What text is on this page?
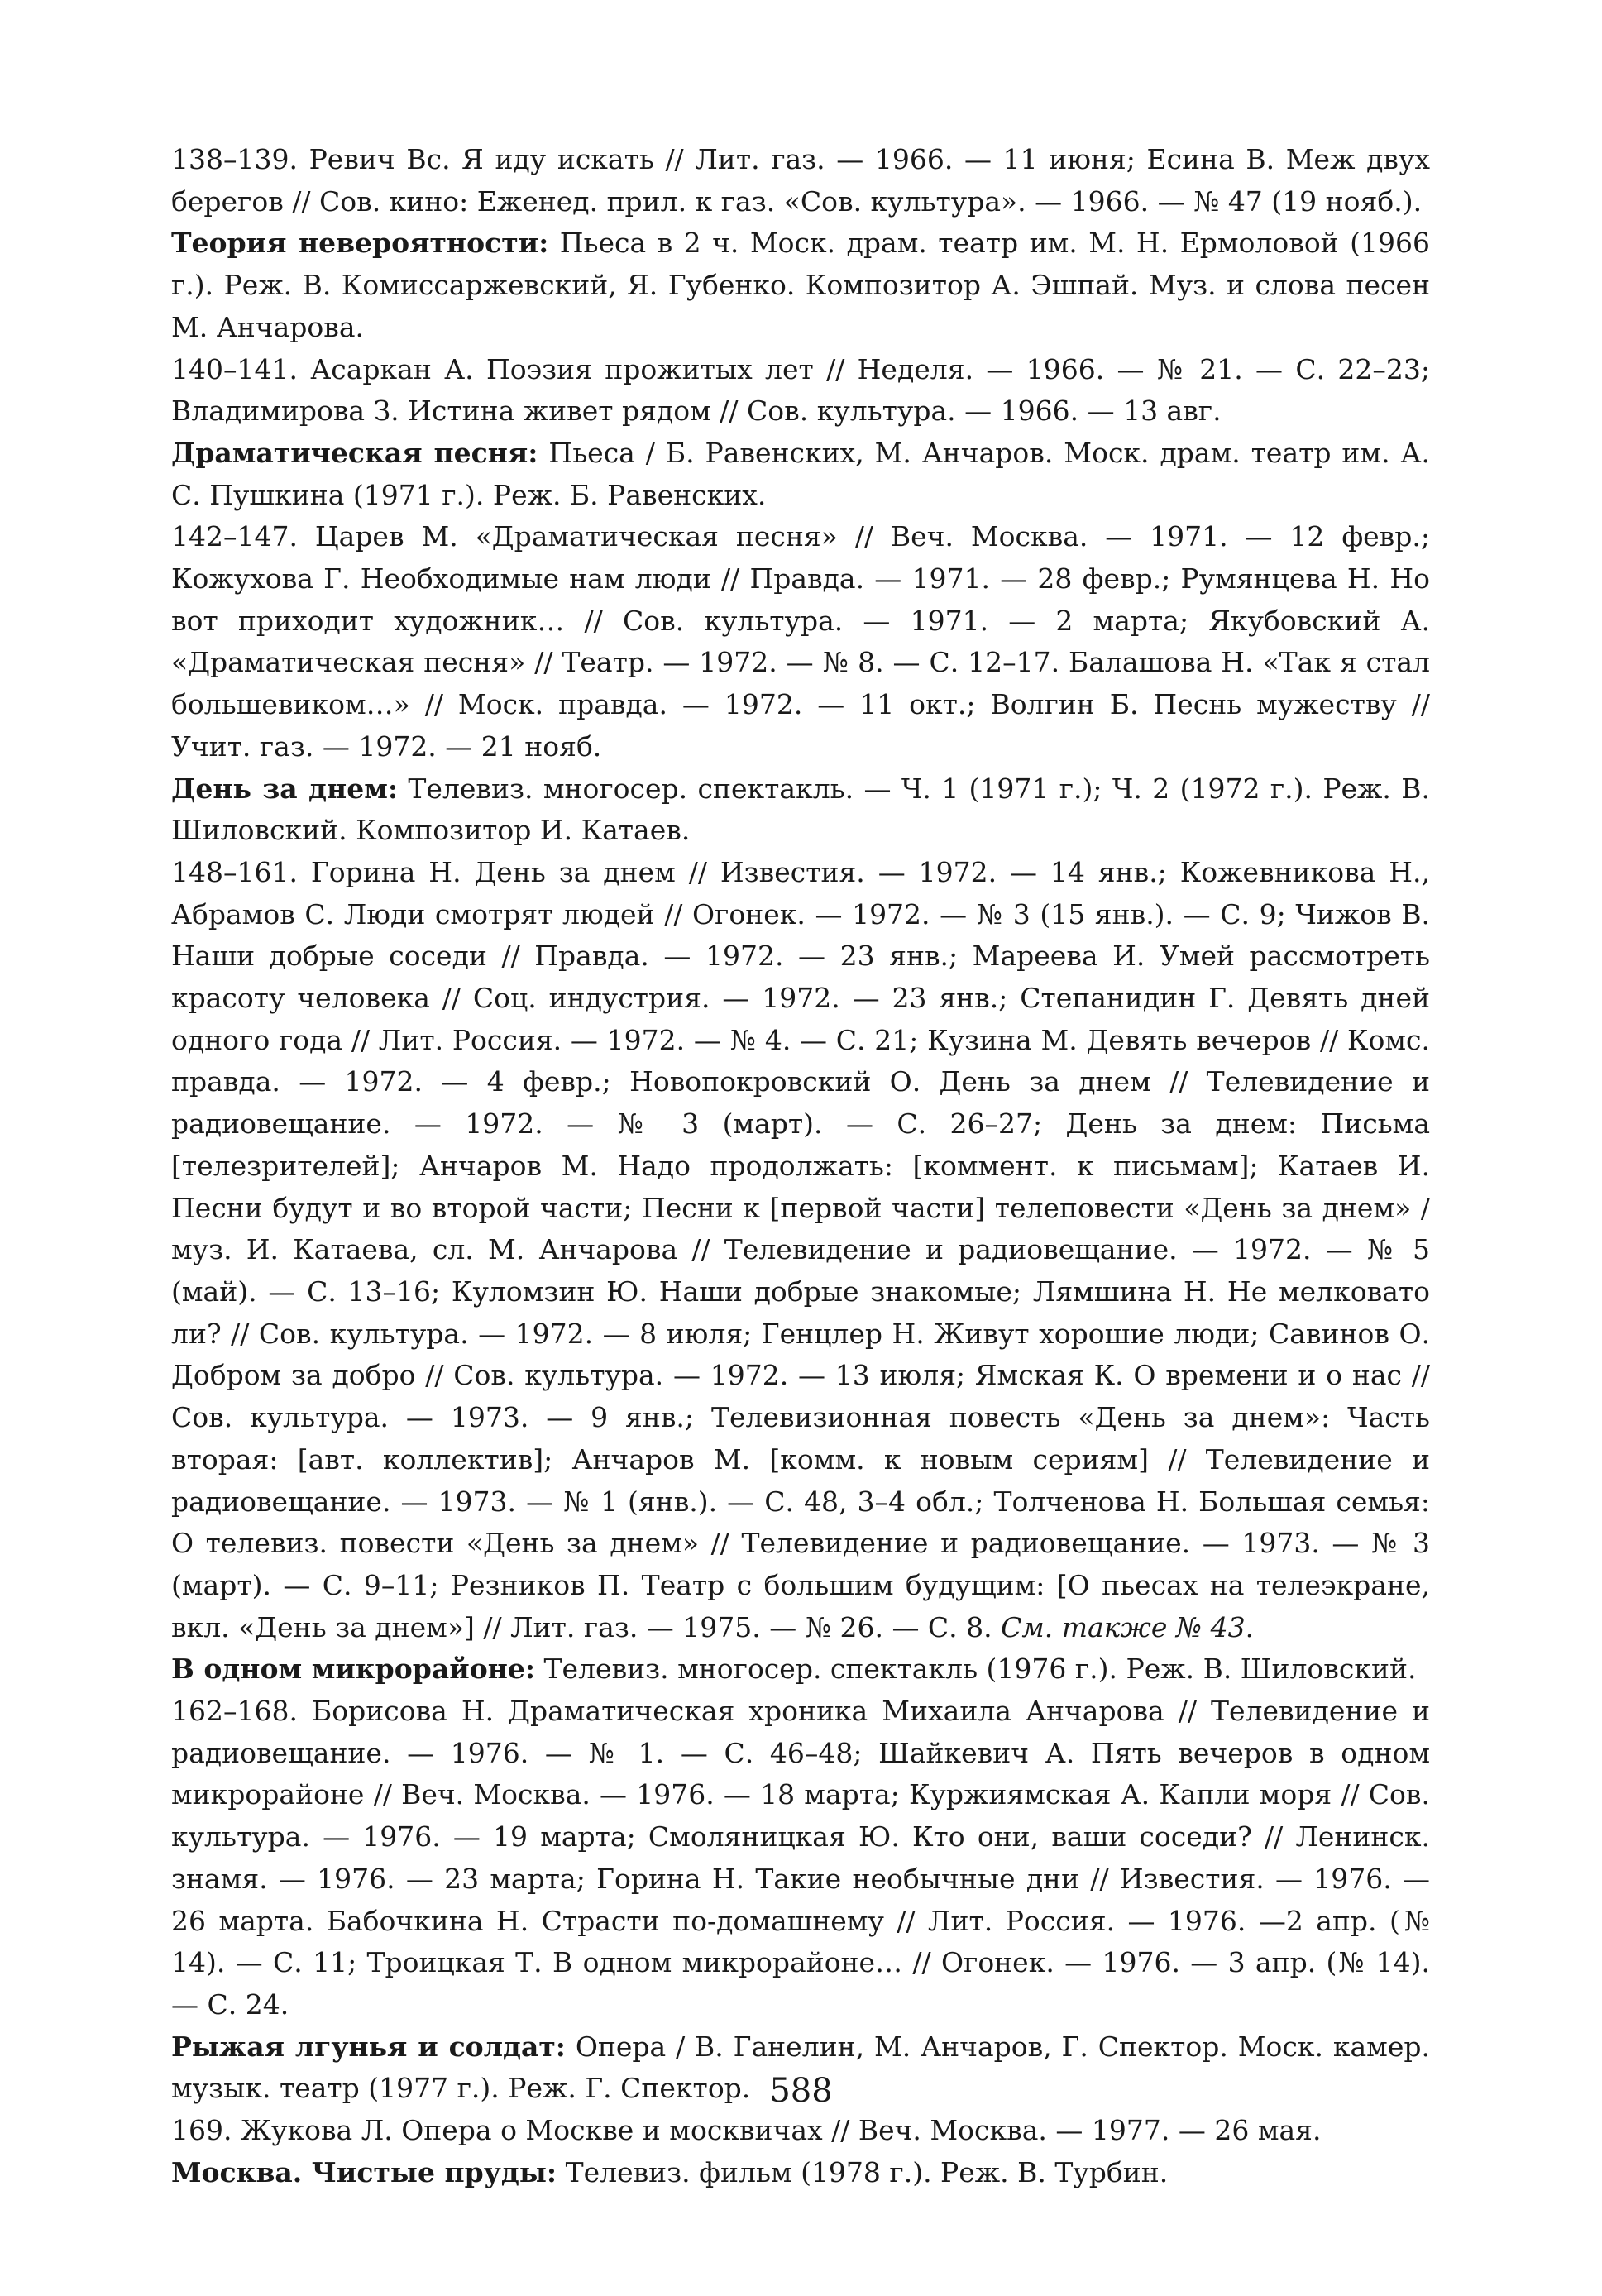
138–139. Ревич Вс. Я иду искать // Лит. газ. — 1966. — 11 июня; Есина В. Меж двух берегов // Сов. кино: Еженед. прил. к газ. «Сов. культура». — 1966. — № 47 (19 нояб.).

Теория невероятности: Пьеса в 2 ч. Моск. драм. театр им. М. Н. Ермоловой (1966 г.). Реж. В. Комиссаржевский, Я. Губенко. Композитор А. Эшпай. Муз. и слова песен М. Анчарова.

140–141. Асаркан А. Поэзия прожитых лет // Неделя. — 1966. — № 21. — С. 22–23; Владимирова З. Истина живет рядом // Сов. культура. — 1966. — 13 авг.

Драматическая песня: Пьеса / Б. Равенских, М. Анчаров. Моск. драм. театр им. А. С. Пушкина (1971 г.). Реж. Б. Равенских.

142–147. Царев М. «Драматическая песня» // Веч. Москва. — 1971. — 12 февр.; Кожухова Г. Необходимые нам люди // Правда. — 1971. — 28 февр.; Румянцева Н. Но вот приходит художник… // Сов. культура. — 1971. — 2 марта; Якубовский А. «Драматическая песня» // Театр. — 1972. — № 8. — С. 12–17. Балашова Н. «Так я стал большевиком…» // Моск. правда. — 1972. — 11 окт.; Волгин Б. Песнь мужеству // Учит. газ. — 1972. — 21 нояб.

День за днем: Телевиз. многосер. спектакль. — Ч. 1 (1971 г.); Ч. 2 (1972 г.). Реж. В. Шиловский. Композитор И. Катаев.

148–161. Горина Н. День за днем // Известия. — 1972. — 14 янв.; Кожевникова Н., Абрамов С. Люди смотрят людей // Огонек. — 1972. — № 3 (15 янв.). — С. 9; Чижов В. Наши добрые соседи // Правда. — 1972. — 23 янв.; Мареева И. Умей рассмотреть красоту человека // Соц. индустрия. — 1972. — 23 янв.; Степанидин Г. Девять дней одного года // Лит. Россия. — 1972. — № 4. — С. 21; Кузина М. Девять вечеров // Комс. правда. — 1972. — 4 февр.; Новопокровский О. День за днем // Телевидение и радиовещание. — 1972. — № 3 (март). — С. 26–27; День за днем: Письма [телезрителей]; Анчаров М. Надо продолжать: [коммент. к письмам]; Катаев И. Песни будут и во второй части; Песни к [первой части] телеповести «День за днем» / муз. И. Катаева, сл. М. Анчарова // Телевидение и радиовещание. — 1972. — № 5 (май). — С. 13–16; Куломзин Ю. Наши добрые знакомые; Лямшина Н. Не мелковато ли? // Сов. культура. — 1972. — 8 июля; Генцлер Н. Живут хорошие люди; Савинов О. Добром за добро // Сов. культура. — 1972. — 13 июля; Ямская К. О времени и о нас // Сов. культура. — 1973. — 9 янв.; Телевизионная повесть «День за днем»: Часть вторая: [авт. коллектив]; Анчаров М. [комм. к новым сериям] // Телевидение и радиовещание. — 1973. — № 1 (янв.). — С. 48, 3–4 обл.; Толченова Н. Большая семья: О телевиз. повести «День за днем» // Телевидение и радиовещание. — 1973. — № 3 (март). — С. 9–11; Резников П. Театр с большим будущим: [О пьесах на телеэкране, вкл. «День за днем»] // Лит. газ. — 1975. — № 26. — С. 8. См. также № 43.

В одном микрорайоне: Телевиз. многосер. спектакль (1976 г.). Реж. В. Шиловский.

162–168. Борисова Н. Драматическая хроника Михаила Анчарова // Телевидение и радиовещание. — 1976. — № 1. — С. 46–48; Шайкевич А. Пять вечеров в одном микрорайоне // Веч. Москва. — 1976. — 18 марта; Куржиямская А. Капли моря // Сов. культура. — 1976. — 19 марта; Смоляницкая Ю. Кто они, ваши соседи? // Ленинск. знамя. — 1976. — 23 марта; Горина Н. Такие необычные дни // Известия. — 1976. — 26 марта. Бабочкина Н. Страсти по-домашнему // Лит. Россия. — 1976. —2 апр. (№ 14). — С. 11; Троицкая Т. В одном микрорайоне… // Огонек. — 1976. — 3 апр. (№ 14). — С. 24.

Рыжая лгунья и солдат: Опера / В. Ганелин, М. Анчаров, Г. Спектор. Моск. камер. музык. театр (1977 г.). Реж. Г. Спектор.

169. Жукова Л. Опера о Москве и москвичах // Веч. Москва. — 1977. — 26 мая.

Москва. Чистые пруды: Телевиз. фильм (1978 г.). Реж. В. Турбин.

588
